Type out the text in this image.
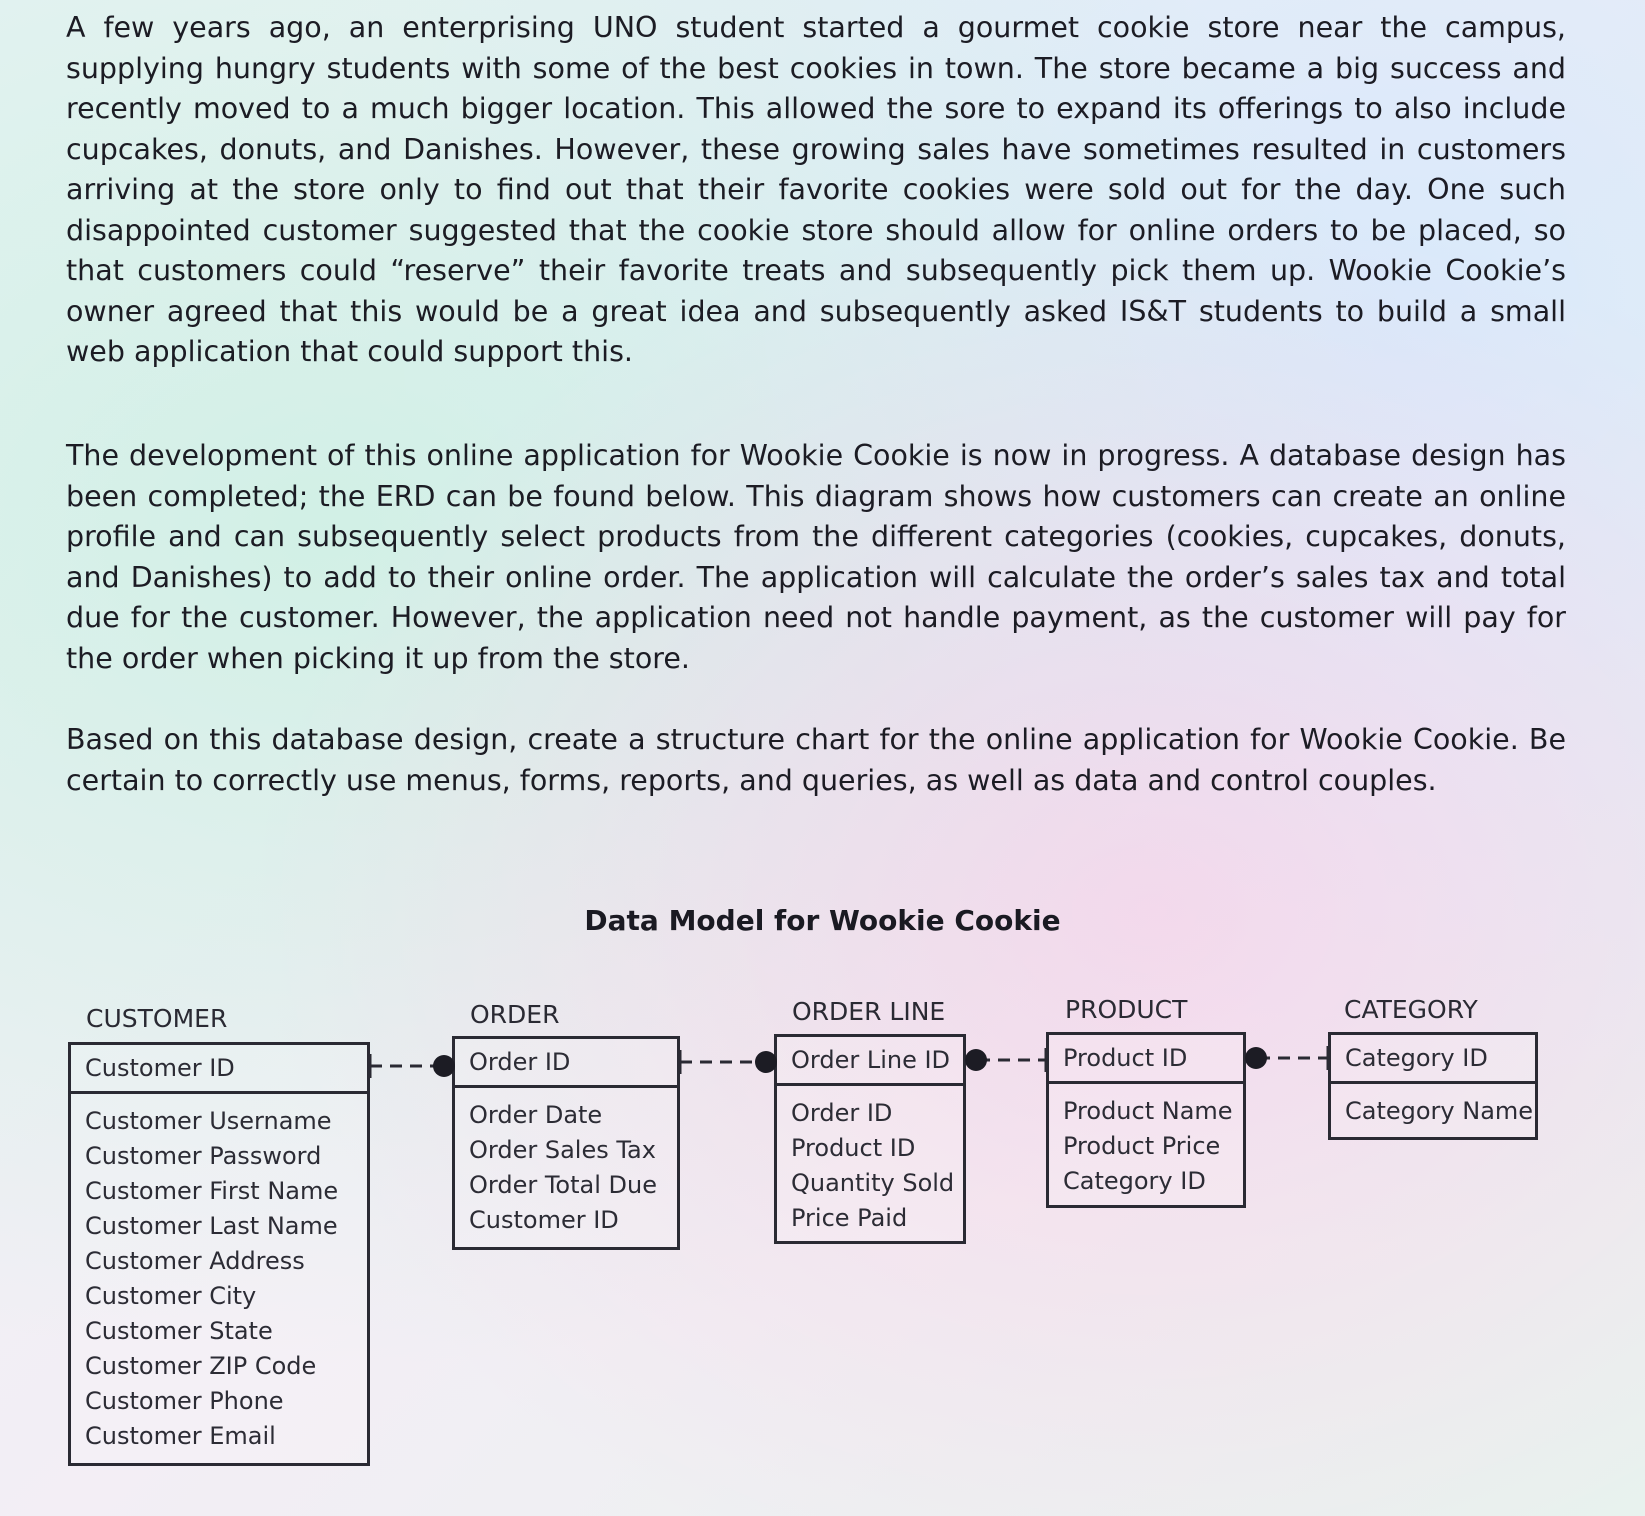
A few years ago, an enterprising UNO student started a gourmet cookie store near the campus, supplying hungry students with some of the best cookies in town. The store became a big success and recently moved to a much bigger location. This allowed the sore to expand its offerings to also include cupcakes, donuts, and Danishes. However, these growing sales have sometimes resulted in customers arriving at the store only to find out that their favorite cookies were sold out for the day. One such disappointed customer suggested that the cookie store should allow for online orders to be placed, so that customers could “reserve” their favorite treats and subsequently pick them up. Wookie Cookie’s owner agreed that this would be a great idea and subsequently asked IS&T students to build a small web application that could support this.

The development of this online application for Wookie Cookie is now in progress. A database design has been completed; the ERD can be found below. This diagram shows how customers can create an online profile and can subsequently select products from the different categories (cookies, cupcakes, donuts, and Danishes) to add to their online order. The application will calculate the order’s sales tax and total due for the customer. However, the application need not handle payment, as the customer will pay for the order when picking it up from the store.

Based on this database design, create a structure chart for the online application for Wookie Cookie. Be certain to correctly use menus, forms, reports, and queries, as well as data and control couples.

Data Model for Wookie Cookie
CUSTOMER
Customer ID
Customer Username
Customer Password
Customer First Name
Customer Last Name
Customer Address
Customer City
Customer State
Customer ZIP Code
Customer Phone
Customer Email
ORDER
Order ID
Order Date
Order Sales Tax
Order Total Due
Customer ID
ORDER LINE
Order Line ID
Order ID
Product ID
Quantity Sold
Price Paid
PRODUCT
Product ID
Product Name
Product Price
Category ID
CATEGORY
Category ID
Category Name
